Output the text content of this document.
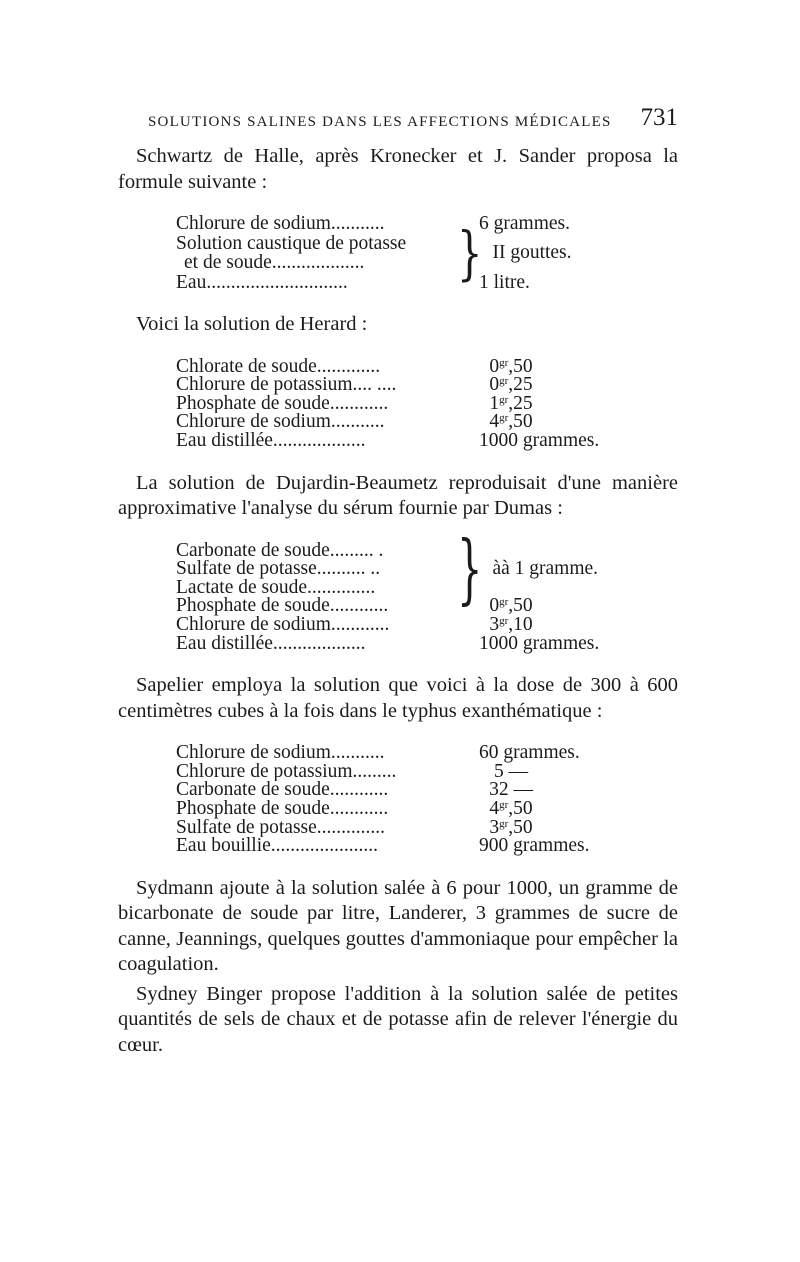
SOLUTIONS SALINES DANS LES AFFECTIONS MÉDICALES 731

Schwartz de Halle, après Kronecker et J. Sander proposa la formule suivante :

Chlorure de sodium...........	6 grammes.
Solution caustique de potasse
et de soude...................	} II gouttes.
Eau.............................	1 litre.

Voici la solution de Herard :

Chlorate de soude.............	$0^{gr},50$
Chlorure de potassium.... ....	$0^{gr},25$
Phosphate de soude............	$1^{gr},25$
Chlorure de sodium...........	$4^{gr},50$
Eau distillée...................	1000 grammes.

La solution de Dujardin-Beaumetz reproduisait d'une manière approximative l'analyse du sérum fournie par Dumas :

Carbonate de soude......... .
Sulfate de potasse.......... ..
Lactate de soude..............	} àà 1 gramme.
Phosphate de soude............	$0^{gr},50$
Chlorure de sodium............	$3^{gr},10$
Eau distillée...................	1000 grammes.

Sapelier employa la solution que voici à la dose de 300 à 600 centimètres cubes à la fois dans le typhus exanthématique :

Chlorure de sodium...........	60 grammes.
Chlorure de potassium.........	5 —
Carbonate de soude............	32 —
Phosphate de soude............	$4^{gr},50$
Sulfate de potasse..............	$3^{gr},50$
Eau bouillie......................	900 grammes.

Sydmann ajoute à la solution salée à 6 pour 1000, un gramme de bicarbonate de soude par litre, Landerer, 3 grammes de sucre de canne, Jeannings, quelques gouttes d'ammoniaque pour empêcher la coagulation.

Sydney Binger propose l'addition à la solution salée de petites quantités de sels de chaux et de potasse afin de relever l'énergie du cœur.
